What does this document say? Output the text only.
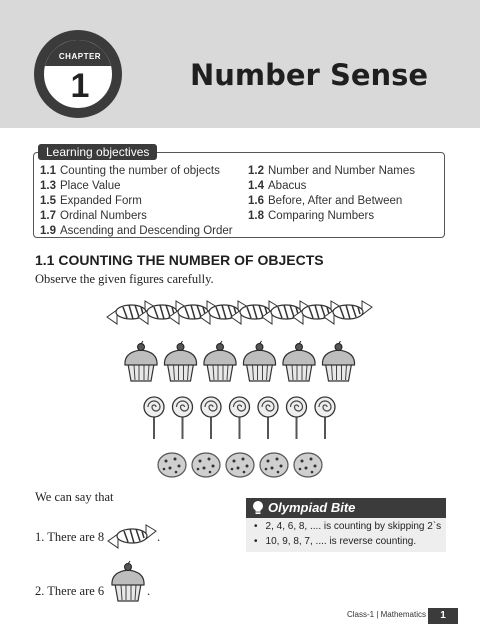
CHAPTER
1	Number Sense
Learning objectives
1.1 Counting the number of objects 1.2 Number and Number Names
1.3 Place Value	1.4 Abacus
1.5 Expanded Form	1.6 Before, After and Between
1.7 Ordinal Numbers	1.8 Comparing Numbers
1.9 Ascending and Descending Order
1.1 COUNTING THE NUMBER OF OBJECTS
Observe the given figures carefully.
We can say that
1. There are 8	.
2. There are 6	.
Olympiad Bite
• 2, 4, 6, 8, .... is counting by skipping 2`s
• 10, 9, 8, 7, .... is reverse counting.
Class-1 | Mathematics	1
